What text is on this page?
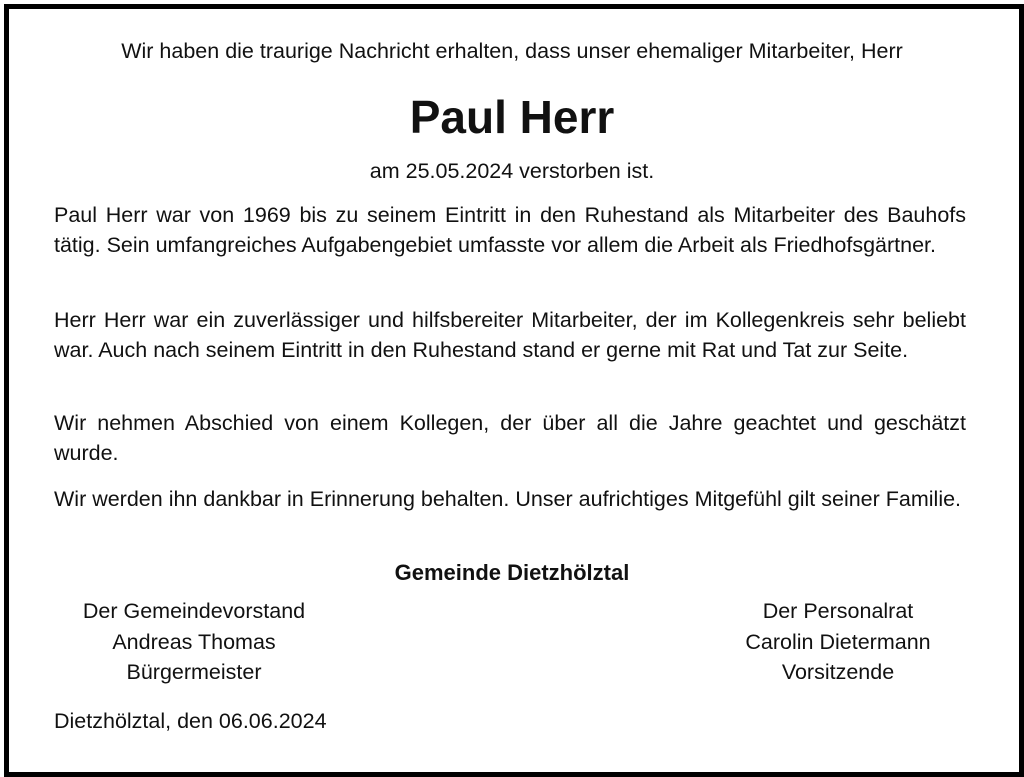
Wir haben die traurige Nachricht erhalten, dass unser ehemaliger Mitarbeiter, Herr
Paul Herr
am 25.05.2024 verstorben ist.

Paul Herr war von 1969 bis zu seinem Eintritt in den Ruhestand als Mitarbeiter des Bauhofs tätig. Sein umfangreiches Aufgabengebiet umfasste vor allem die Arbeit als Friedhofsgärtner.

Herr Herr war ein zuverlässiger und hilfsbereiter Mitarbeiter, der im Kollegenkreis sehr beliebt war. Auch nach seinem Eintritt in den Ruhestand stand er gerne mit Rat und Tat zur Seite.

Wir nehmen Abschied von einem Kollegen, der über all die Jahre geachtet und geschätzt wurde.

Wir werden ihn dankbar in Erinnerung behalten. Unser aufrichtiges Mitgefühl gilt seiner Familie.

Gemeinde Dietzhölztal
Der Gemeindevorstand
Andreas Thomas
Bürgermeister
Der Personalrat
Carolin Dietermann
Vorsitzende
Dietzhölztal, den 06.06.2024
